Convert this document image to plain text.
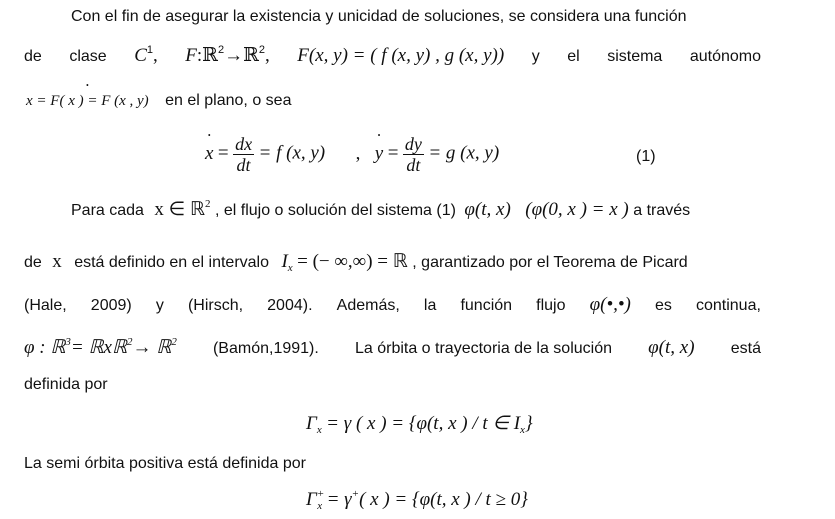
Con el fin de asegurar la existencia y unicidad de soluciones, se considera una función
de clase $C^1$, F:ℝ$^2$→ℝ$^2$, F(x, y) = ( f (x, y) , g (x, y)) y el sistema autónomo
• x = F( x ) = F (x , y) en el plano, o sea
• $x = \frac{dx}{dt} = f$ (x, y) , • $y = \frac{dy}{dt} = g$ (x, y)	(1)
Para cada x ∈ ℝ$^2$ , el flujo o solución del sistema (1) φ(t, x) (φ(0, x ) = x ) a través
de x está definido en el intervalo $I_x$ = (− ∞,∞) = ℝ , garantizado por el Teorema de Picard
(Hale, 2009) y (Hirsch, 2004). Además, la función flujo φ(•,•) es continua,
φ : ℝ$^3$= ℝxℝ$^2$→ ℝ$^2$ (Bamón,1991). La órbita o trayectoria de la solución φ(t, x) está
definida por
$\Gamma_x = \gamma$ ( x ) = {φ(t, x ) / t ∈ $I_x$}
La semi órbita positiva está definida por
$\Gamma^+_x = \gamma^+$( x ) = {φ(t, x ) / t ≥ 0}
